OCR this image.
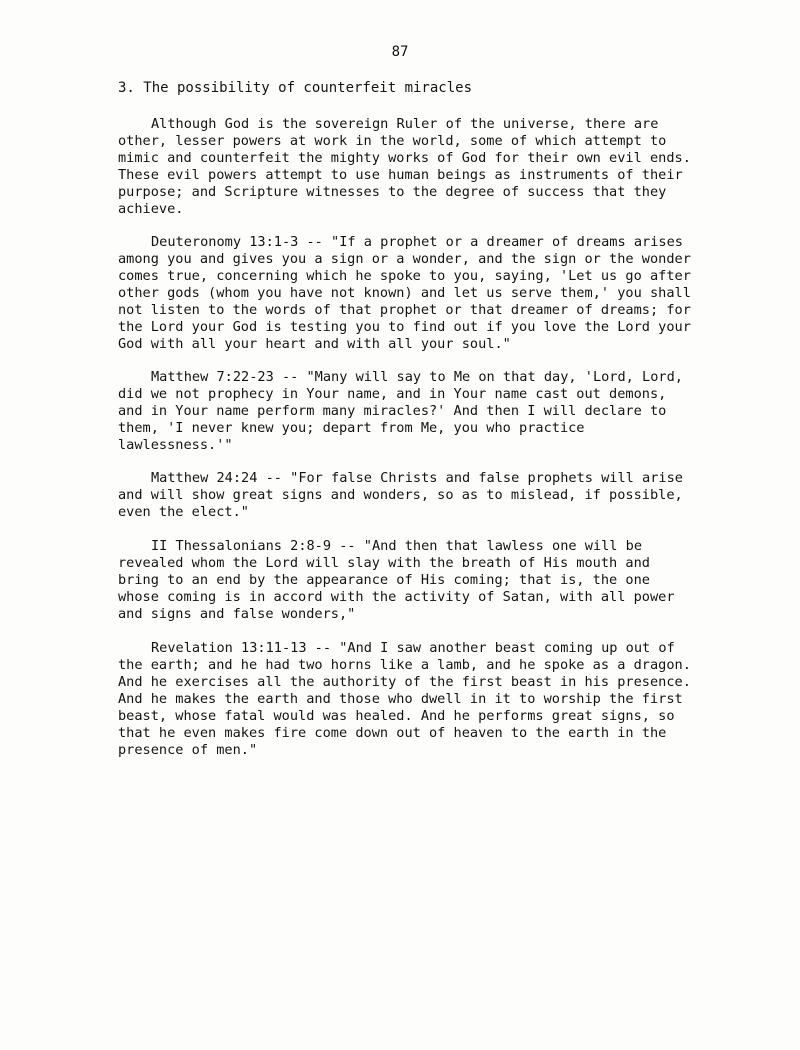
87
3. The possibility of counterfeit miracles
Although God is the sovereign Ruler of the universe, there are
other, lesser powers at work in the world, some of which attempt to
mimic and counterfeit the mighty works of God for their own evil ends.
These evil powers attempt to use human beings as instruments of their
purpose; and Scripture witnesses to the degree of success that they
achieve.
Deuteronomy 13:1-3 -- "If a prophet or a dreamer of dreams arises
among you and gives you a sign or a wonder, and the sign or the wonder
comes true, concerning which he spoke to you, saying, 'Let us go after
other gods (whom you have not known) and let us serve them,' you shall
not listen to the words of that prophet or that dreamer of dreams; for
the Lord your God is testing you to find out if you love the Lord your
God with all your heart and with all your soul."
Matthew 7:22-23 -- "Many will say to Me on that day, 'Lord, Lord,
did we not prophecy in Your name, and in Your name cast out demons,
and in Your name perform many miracles?' And then I will declare to
them, 'I never knew you; depart from Me, you who practice
lawlessness.'"
Matthew 24:24 -- "For false Christs and false prophets will arise
and will show great signs and wonders, so as to mislead, if possible,
even the elect."
II Thessalonians 2:8-9 -- "And then that lawless one will be
revealed whom the Lord will slay with the breath of His mouth and
bring to an end by the appearance of His coming; that is, the one
whose coming is in accord with the activity of Satan, with all power
and signs and false wonders,"
Revelation 13:11-13 -- "And I saw another beast coming up out of
the earth; and he had two horns like a lamb, and he spoke as a dragon.
And he exercises all the authority of the first beast in his presence.
And he makes the earth and those who dwell in it to worship the first
beast, whose fatal would was healed. And he performs great signs, so
that he even makes fire come down out of heaven to the earth in the
presence of men."
